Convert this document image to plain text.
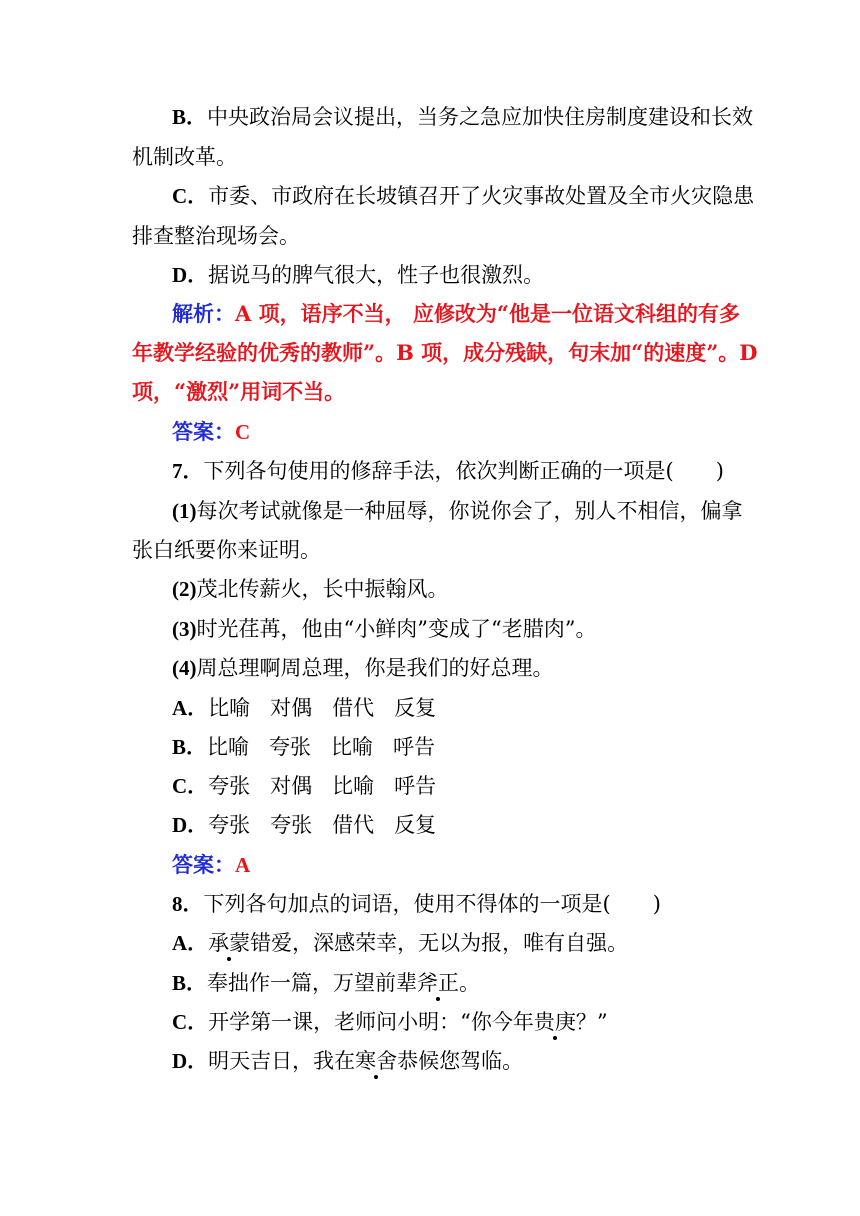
B．中央政治局会议提出，当务之急应加快住房制度建设和长效
机制改革。
C．市委、市政府在长坡镇召开了火灾事故处置及全市火灾隐患
排查整治现场会。
D．据说马的脾气很大，性子也很激烈。
解析：A 项，语序不当， 应修改为“他是一位语文科组的有多
年教学经验的优秀的教师”。B 项，成分残缺，句末加“的速度”。D
项，“激烈”用词不当。
答案：C
7．下列各句使用的修辞手法，依次判断正确的一项是(　　)
(1)每次考试就像是一种屈辱，你说你会了，别人不相信，偏拿
张白纸要你来证明。
(2)茂北传薪火，长中振翰风。
(3)时光荏苒，他由“小鲜肉”变成了“老腊肉”。
(4)周总理啊周总理，你是我们的好总理。
A．比喻 对偶 借代 反复
B．比喻 夸张 比喻 呼告
C．夸张 对偶 比喻 呼告
D．夸张 夸张 借代 反复
答案：A
8．下列各句加点的词语，使用不得体的一项是(　　)
A．承蒙错爱，深感荣幸，无以为报，唯有自强。
B．奉拙作一篇，万望前辈斧正。
C．开学第一课，老师问小明：“你今年贵庚？”
D．明天吉日，我在寒舍恭候您驾临。
